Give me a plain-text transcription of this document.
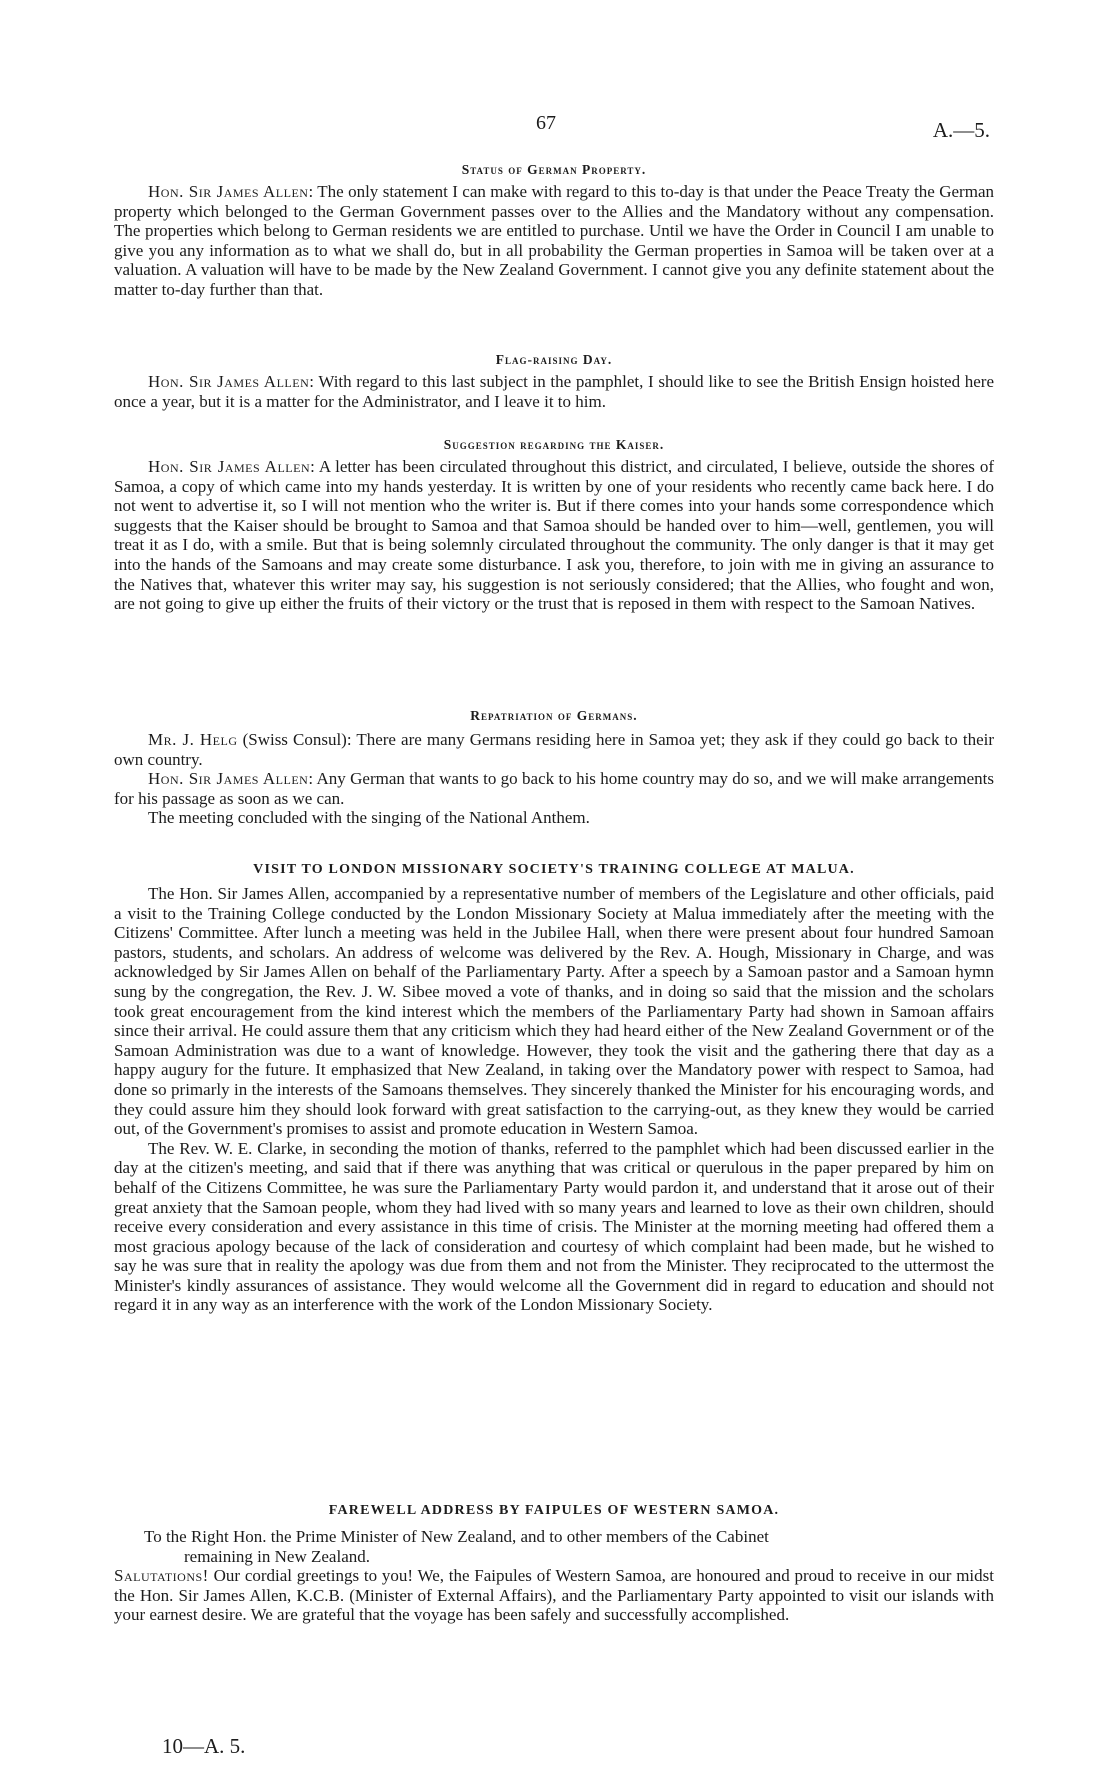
67	A.—5.
Status of German Property.

Hon. Sir James Allen: The only statement I can make with regard to this to-day is that under the Peace Treaty the German property which belonged to the German Government passes over to the Allies and the Mandatory without any compensation. The properties which belong to German residents we are entitled to purchase. Until we have the Order in Council I am unable to give you any information as to what we shall do, but in all probability the German properties in Samoa will be taken over at a valuation. A valuation will have to be made by the New Zealand Government. I cannot give you any definite statement about the matter to-day further than that.

Flag-raising Day.

Hon. Sir James Allen: With regard to this last subject in the pamphlet, I should like to see the British Ensign hoisted here once a year, but it is a matter for the Administrator, and I leave it to him.

Suggestion regarding the Kaiser.

Hon. Sir James Allen: A letter has been circulated throughout this district, and circulated, I believe, outside the shores of Samoa, a copy of which came into my hands yesterday. It is written by one of your residents who recently came back here. I do not went to advertise it, so I will not mention who the writer is. But if there comes into your hands some correspondence which suggests that the Kaiser should be brought to Samoa and that Samoa should be handed over to him—well, gentlemen, you will treat it as I do, with a smile. But that is being solemnly circulated throughout the community. The only danger is that it may get into the hands of the Samoans and may create some disturbance. I ask you, therefore, to join with me in giving an assurance to the Natives that, whatever this writer may say, his suggestion is not seriously considered; that the Allies, who fought and won, are not going to give up either the fruits of their victory or the trust that is reposed in them with respect to the Samoan Natives.

Repatriation of Germans.

Mr. J. Helg (Swiss Consul): There are many Germans residing here in Samoa yet; they ask if they could go back to their own country.

Hon. Sir James Allen: Any German that wants to go back to his home country may do so, and we will make arrangements for his passage as soon as we can.

The meeting concluded with the singing of the National Anthem.

VISIT TO LONDON MISSIONARY SOCIETY'S TRAINING COLLEGE AT MALUA.

The Hon. Sir James Allen, accompanied by a representative number of members of the Legislature and other officials, paid a visit to the Training College conducted by the London Missionary Society at Malua immediately after the meeting with the Citizens' Committee. After lunch a meeting was held in the Jubilee Hall, when there were present about four hundred Samoan pastors, students, and scholars. An address of welcome was delivered by the Rev. A. Hough, Missionary in Charge, and was acknowledged by Sir James Allen on behalf of the Parliamentary Party. After a speech by a Samoan pastor and a Samoan hymn sung by the congregation, the Rev. J. W. Sibee moved a vote of thanks, and in doing so said that the mission and the scholars took great encouragement from the kind interest which the members of the Parliamentary Party had shown in Samoan affairs since their arrival. He could assure them that any criticism which they had heard either of the New Zealand Government or of the Samoan Administration was due to a want of knowledge. However, they took the visit and the gathering there that day as a happy augury for the future. It emphasized that New Zealand, in taking over the Mandatory power with respect to Samoa, had done so primarly in the interests of the Samoans themselves. They sincerely thanked the Minister for his encouraging words, and they could assure him they should look forward with great satisfaction to the carrying-out, as they knew they would be carried out, of the Government's promises to assist and promote education in Western Samoa.

The Rev. W. E. Clarke, in seconding the motion of thanks, referred to the pamphlet which had been discussed earlier in the day at the citizen's meeting, and said that if there was anything that was critical or querulous in the paper prepared by him on behalf of the Citizens Committee, he was sure the Parliamentary Party would pardon it, and understand that it arose out of their great anxiety that the Samoan people, whom they had lived with so many years and learned to love as their own children, should receive every consideration and every assistance in this time of crisis. The Minister at the morning meeting had offered them a most gracious apology because of the lack of consideration and courtesy of which complaint had been made, but he wished to say he was sure that in reality the apology was due from them and not from the Minister. They reciprocated to the uttermost the Minister's kindly assurances of assistance. They would welcome all the Government did in regard to education and should not regard it in any way as an interference with the work of the London Missionary Society.

FAREWELL ADDRESS BY FAIPULES OF WESTERN SAMOA.

To the Right Hon. the Prime Minister of New Zealand, and to other members of the Cabinet
remaining in New Zealand.

Salutations! Our cordial greetings to you! We, the Faipules of Western Samoa, are honoured and proud to receive in our midst the Hon. Sir James Allen, K.C.B. (Minister of External Affairs), and the Parliamentary Party appointed to visit our islands with your earnest desire. We are grateful that the voyage has been safely and successfully accomplished.

10—A. 5.
